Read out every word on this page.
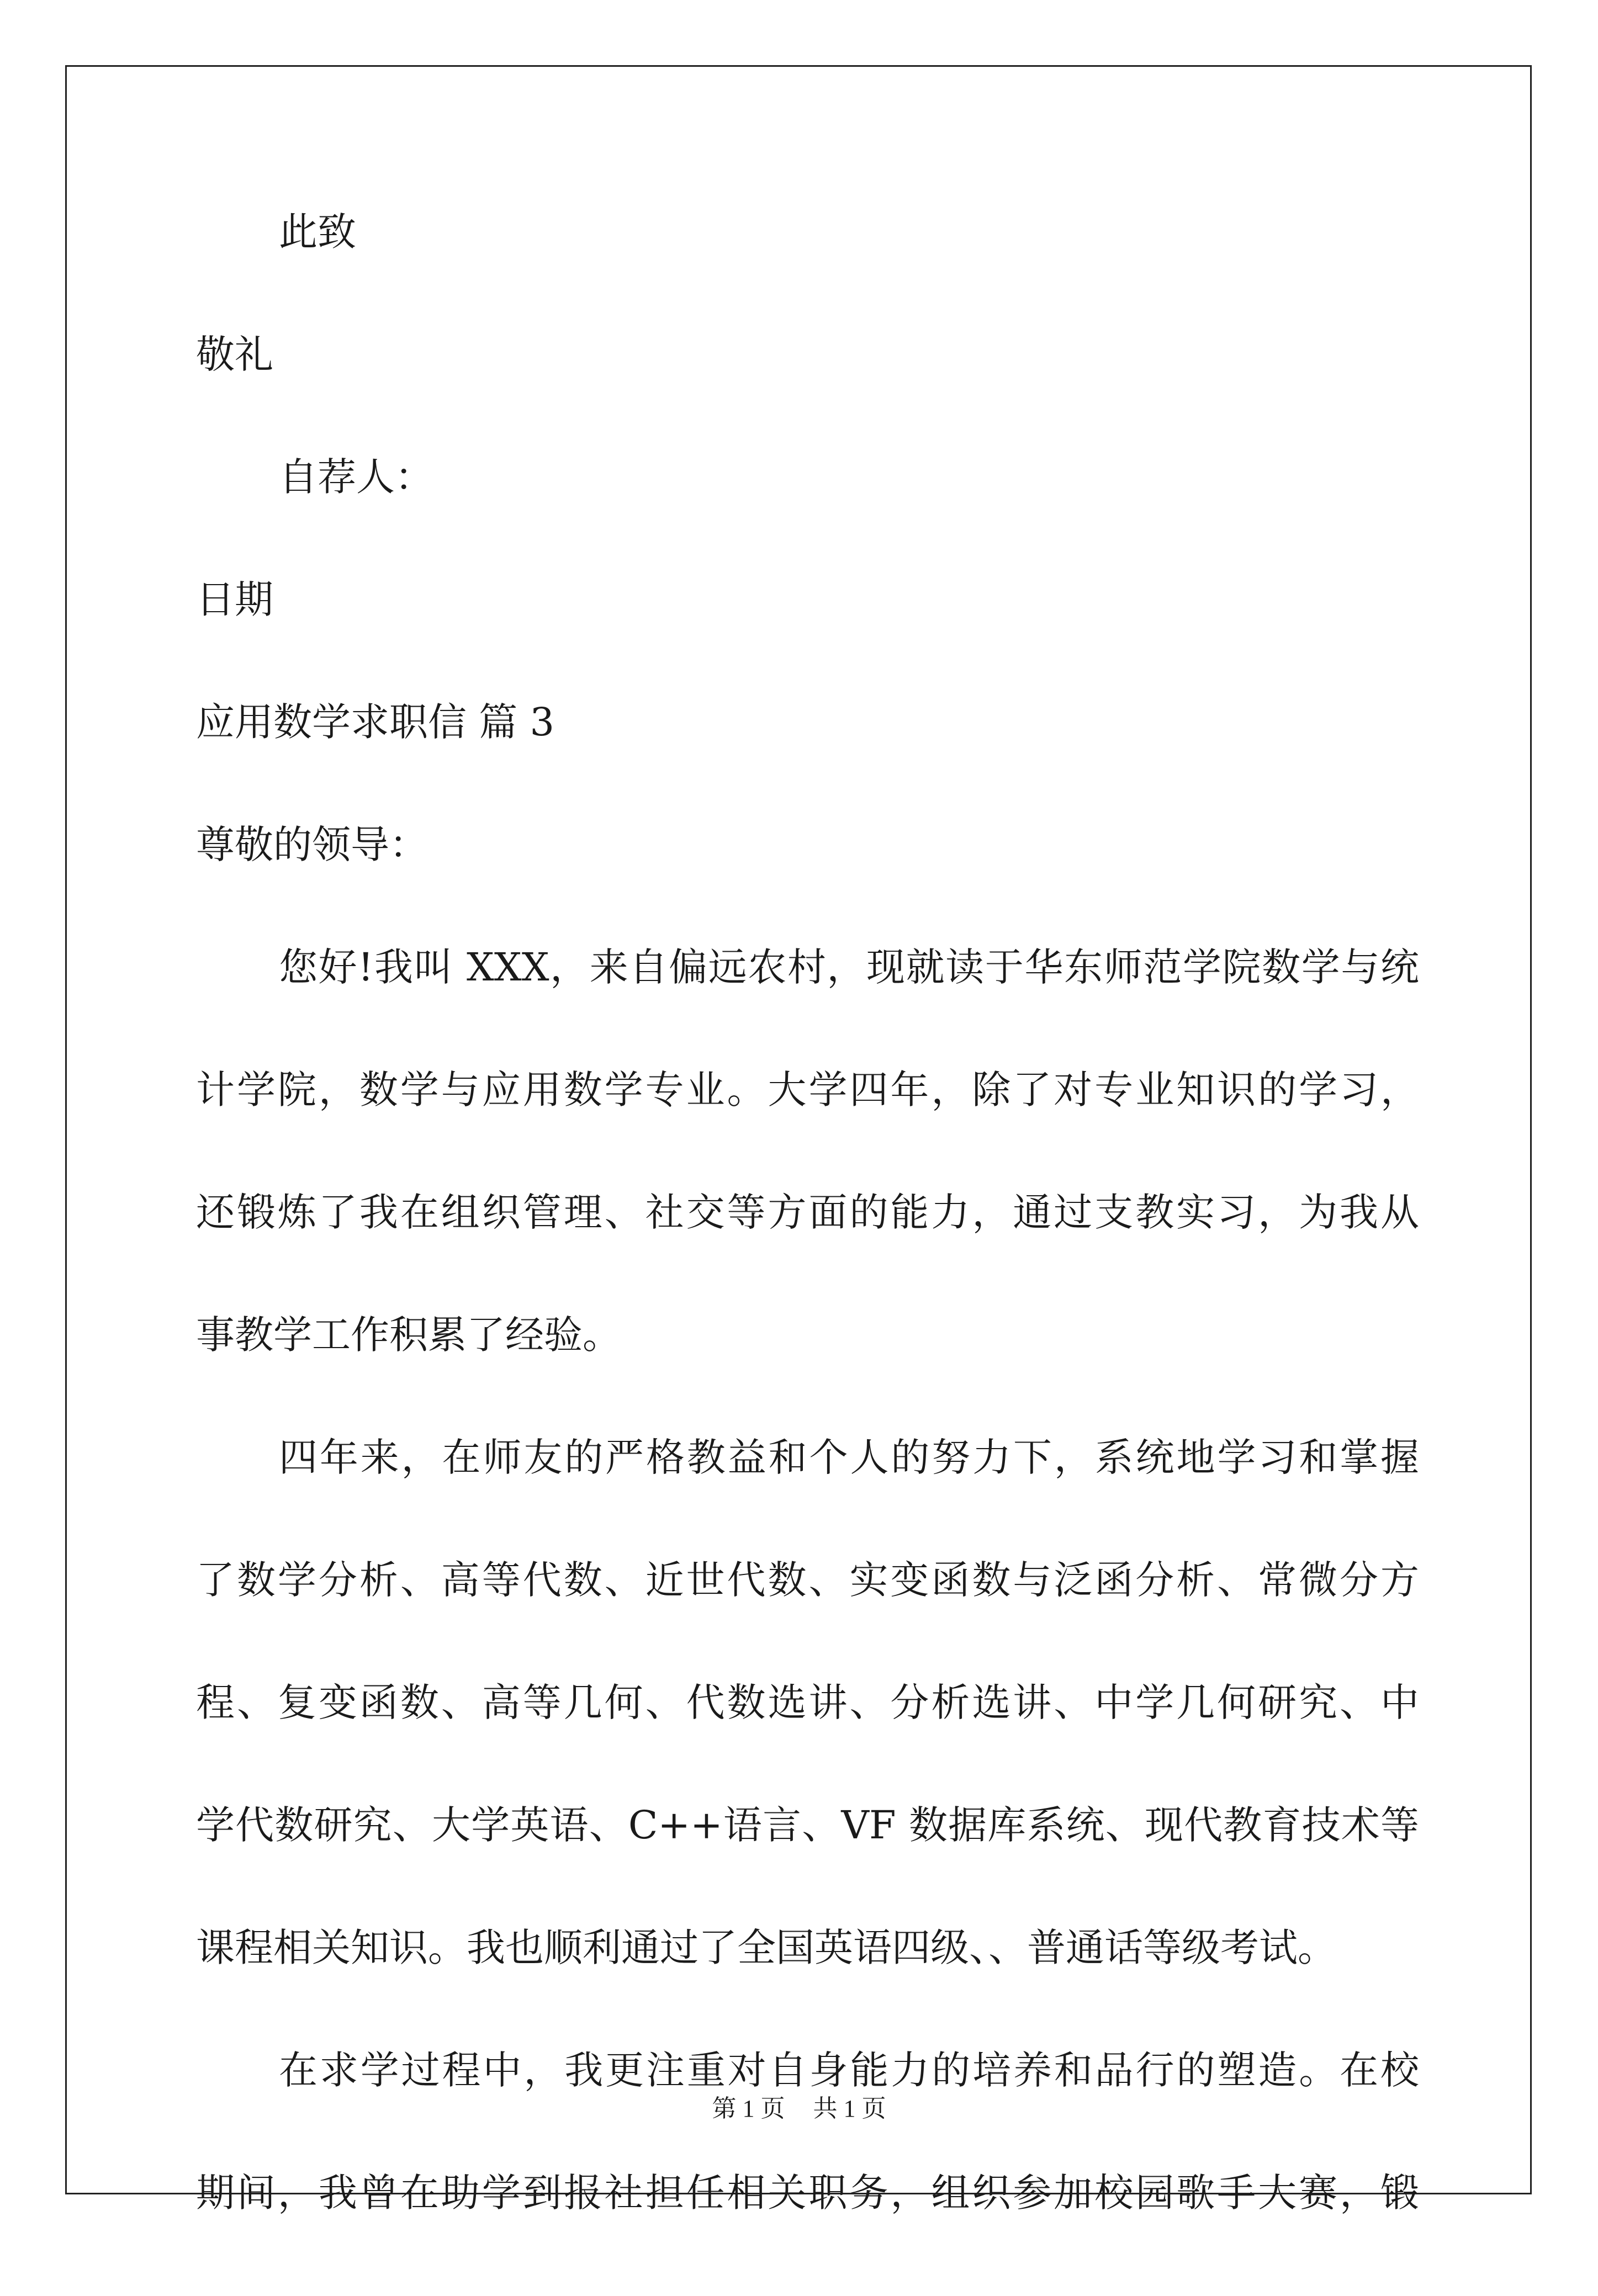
此致
敬礼
自荐人：
日期
应用数学求职信 篇 3
尊敬的领导：
您好!我叫 XXX，来自偏远农村，现就读于华东师范学院数学与统
计学院，数学与应用数学专业。大学四年，除了对专业知识的学习，
还锻炼了我在组织管理、社交等方面的能力，通过支教实习，为我从
事教学工作积累了经验。
四年来，在师友的严格教益和个人的努力下，系统地学习和掌握
了数学分析、高等代数、近世代数、实变函数与泛函分析、常微分方
程、复变函数、高等几何、代数选讲、分析选讲、中学几何研究、中
学代数研究、大学英语、C++语言、VF 数据库系统、现代教育技术等
课程相关知识。我也顺利通过了全国英语四级、、普通话等级考试。
在求学过程中，我更注重对自身能力的培养和品行的塑造。在校
期间，我曾在助学到报社担任相关职务，组织参加校园歌手大赛，锻
第 1 页 共 1 页
